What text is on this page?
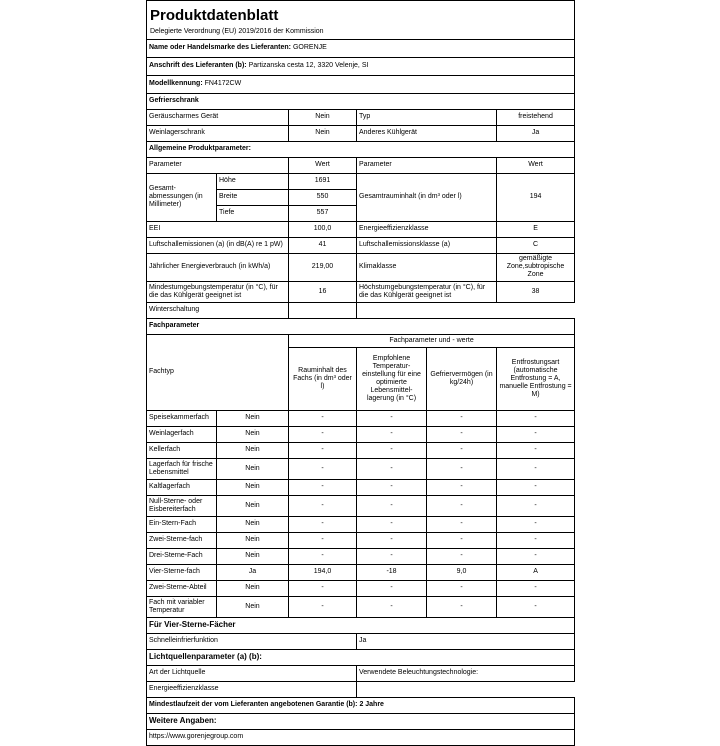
Produktdatenblatt					
Delegierte Verordnung (EU) 2019/2016 der Kommission					
Name oder Handelsmarke des Lieferanten: GORENJE					
Anschrift des Lieferanten (b): Partizanska cesta 12, 3320 Velenje, SI					
Modellkennung: FN4172CW					
Gefrierschrank					
Geräuscharmes Gerät		Nein	Typ		freistehend
Weinlagerschrank		Nein	Anderes Kühlgerät		Ja
Allgemeine Produktparameter:					
Parameter		Wert	Parameter		Wert
Gesamt-abmessungen (in Millimeter)	Höhe	1691	Gesamtrauminhalt (in dm³ oder l)		194
	Breite	550			
	Tiefe	557			
EEI		100,0	Energieeffizienzklasse		E
Luftschallemissionen (a) (in dB(A) re 1 pW)		41	Luftschallemissionsklasse (a)		C
Jährlicher Energieverbrauch (in kWh/a)		219,00	Klimaklasse		gemäßigte Zone,subtropische Zone
Mindestumgebungstemperatur (in °C), für die das Kühlgerät geeignet ist		16	Höchstumgebungstemperatur (in °C), für die das Kühlgerät geeignet ist		38
Winterschaltung					
Fachparameter					
Fachtyp		Fachparameter und - werte			
		Rauminhalt des Fachs (in dm³ oder l)	Empfohlene Temperatur-einstellung für eine optimierte Lebensmittel-lagerung (in °C)	Gefriervermögen (in kg/24h)	Entfrostungsart (automatische Entfrostung = A, manuelle Entfrostung = M)
Speisekammerfach	Nein	-	-	-	-
Weinlagerfach	Nein	-	-	-	-
Kellerfach	Nein	-	-	-	-
Lagerfach für frische Lebensmittel	Nein	-	-	-	-
Kaltlagerfach	Nein	-	-	-	-
Null-Sterne- oder Eisbereiterfach	Nein	-	-	-	-
Ein-Stern-Fach	Nein	-	-	-	-
Zwei-Sterne-fach	Nein	-	-	-	-
Drei-Sterne-Fach	Nein	-	-	-	-
Vier-Sterne-fach	Ja	194,0	-18	9,0	A
Zwei-Sterne-Abteil	Nein	-	-	-	-
Fach mit variabler Temperatur	Nein	-	-	-	-
Für Vier-Sterne-Fächer					
Schnelleinfrierfunktion			Ja		
Lichtquellenparameter (a) (b):					
Art der Lichtquelle			Verwendete Beleuchtungstechnologie:		
Energieeffizienzklasse					
Mindestlaufzeit der vom Lieferanten angebotenen Garantie (b): 2 Jahre					
Weitere Angaben:					
https://www.gorenjegroup.com					
